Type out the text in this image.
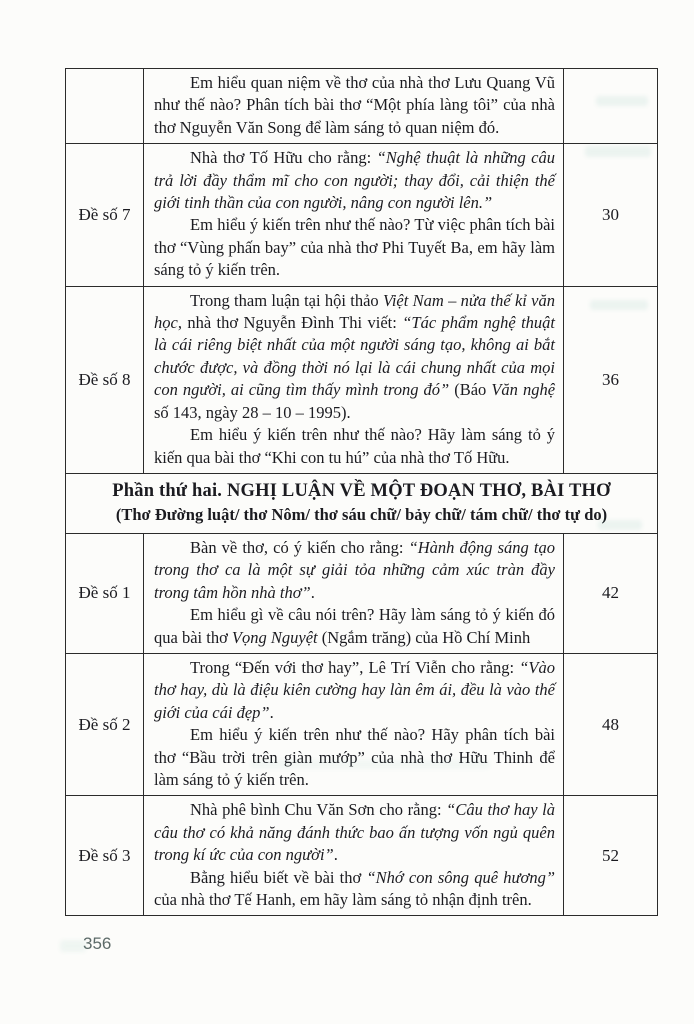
	Em hiểu quan niệm về thơ của nhà thơ Lưu Quang Vũ như thế nào? Phân tích bài thơ “Một phía làng tôi” của nhà thơ Nguyễn Văn Song để làm sáng tỏ quan niệm đó.	

Đề số 7	Nhà thơ Tố Hữu cho rằng: “Nghệ thuật là những câu trả lời đầy thẩm mĩ cho con người; thay đổi, cải thiện thế giới tinh thần của con người, nâng con người lên.”

Em hiểu ý kiến trên như thế nào? Từ việc phân tích bài thơ “Vùng phấn bay” của nhà thơ Phi Tuyết Ba, em hãy làm sáng tỏ ý kiến trên.	30
Đề số 8	Trong tham luận tại hội thảo Việt Nam – nửa thế kỉ văn học, nhà thơ Nguyễn Đình Thi viết: “Tác phẩm nghệ thuật là cái riêng biệt nhất của một người sáng tạo, không ai bắt chước được, và đồng thời nó lại là cái chung nhất của mọi con người, ai cũng tìm thấy mình trong đó” (Báo Văn nghệ số 143, ngày 28 – 10 – 1995).

Em hiểu ý kiến trên như thế nào? Hãy làm sáng tỏ ý kiến qua bài thơ “Khi con tu hú” của nhà thơ Tố Hữu.	36

Phần thứ hai. NGHỊ LUẬN VỀ MỘT ĐOẠN THƠ, BÀI THƠ
(Thơ Đường luật/ thơ Nôm/ thơ sáu chữ/ bảy chữ/ tám chữ/ thơ tự do)		

Đề số 1	Bàn về thơ, có ý kiến cho rằng: “Hành động sáng tạo trong thơ ca là một sự giải tỏa những cảm xúc tràn đầy trong tâm hồn nhà thơ”.

Em hiểu gì về câu nói trên? Hãy làm sáng tỏ ý kiến đó qua bài thơ Vọng Nguyệt (Ngắm trăng) của Hồ Chí Minh	42
Đề số 2	Trong “Đến với thơ hay”, Lê Trí Viễn cho rằng: “Vào thơ hay, dù là điệu kiên cường hay làn êm ái, đều là vào thế giới của cái đẹp”.

Em hiểu ý kiến trên như thế nào? Hãy phân tích bài thơ “Bầu trời trên giàn mướp” của nhà thơ Hữu Thinh để làm sáng tỏ ý kiến trên.	48
Đề số 3	Nhà phê bình Chu Văn Sơn cho rằng: “Câu thơ hay là câu thơ có khả năng đánh thức bao ấn tượng vốn ngủ quên trong kí ức của con người”.

Bằng hiểu biết về bài thơ “Nhớ con sông quê hương” của nhà thơ Tế Hanh, em hãy làm sáng tỏ nhận định trên.	52
356
